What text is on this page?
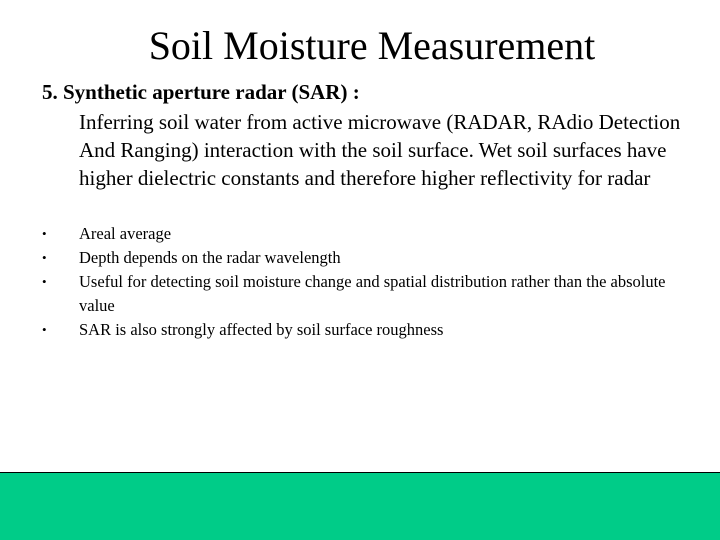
Soil Moisture Measurement

5. Synthetic aperture radar (SAR) :

Inferring soil water from active microwave (RADAR, RAdio Detection And Ranging) interaction with the soil surface. Wet soil surfaces have higher dielectric constants and therefore higher reflectivity for radar

• Areal average
• Depth depends on the radar wavelength
• Useful for detecting soil moisture change and spatial distribution rather than the absolute value
• SAR is also strongly affected by soil surface roughness
